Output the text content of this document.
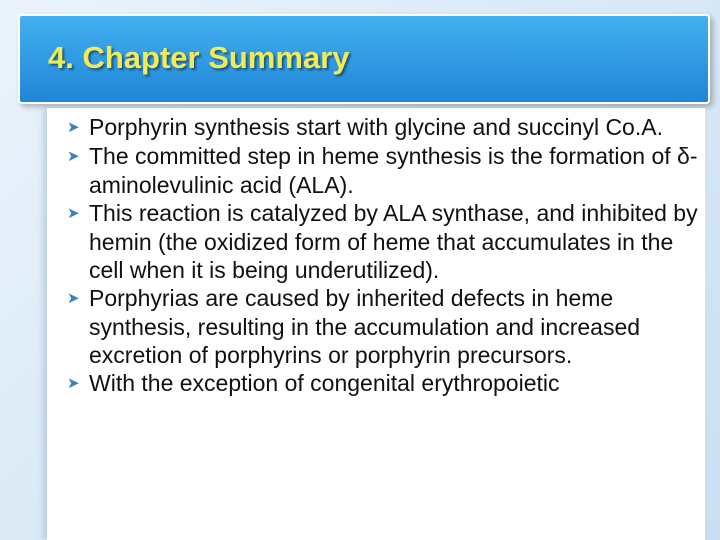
4. Chapter Summary
➤ Porphyrin synthesis start with glycine and succinyl Co.A.
➤ The committed step in heme synthesis is the formation of δ-aminolevulinic acid (ALA).
➤ This reaction is catalyzed by ALA synthase, and inhibited by hemin (the oxidized form of heme that accumulates in the cell when it is being underutilized).
➤ Porphyrias are caused by inherited defects in heme synthesis, resulting in the accumulation and increased excretion of porphyrins or porphyrin precursors.
➤ With the exception of congenital erythropoietic
